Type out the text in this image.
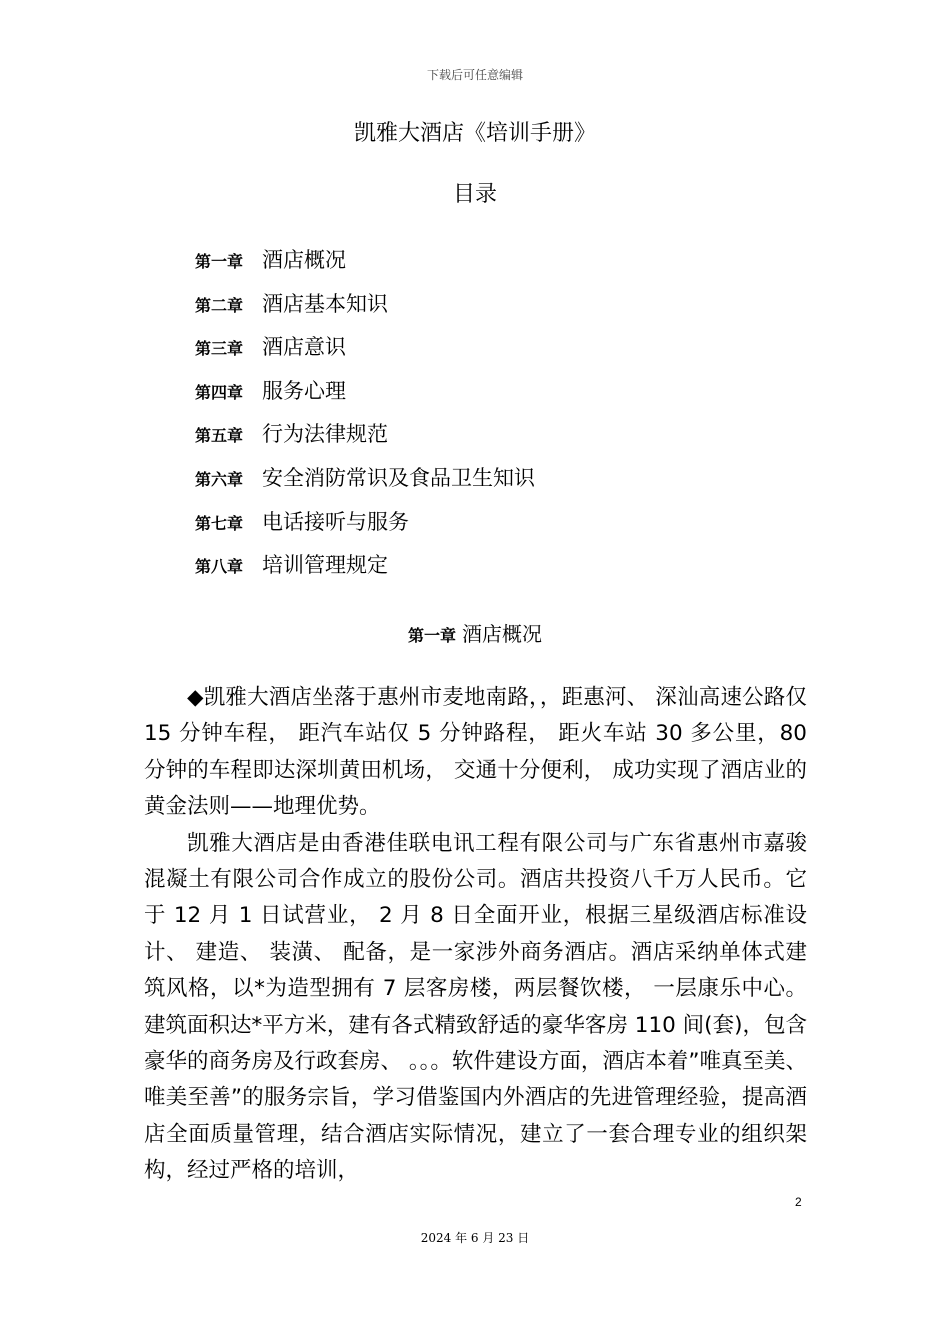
下载后可任意编辑
凯雅大酒店《培训手册》
目录
第一章 酒店概况
第二章 酒店基本知识
第三章 酒店意识
第四章 服务心理
第五章 行为法律规范
第六章 安全消防常识及食品卫生知识
第七章 电话接听与服务
第八章 培训管理规定
第一章 酒店概况

◆凯雅大酒店坐落于惠州市麦地南路，，距惠河、 深汕高速公路仅 15 分钟车程， 距汽车站仅 5 分钟路程， 距火车站 30 多公里，80 分钟的车程即达深圳黄田机场， 交通十分便利， 成功实现了酒店业的黄金法则——地理优势。

凯雅大酒店是由香港佳联电讯工程有限公司与广东省惠州市嘉骏混凝土有限公司合作成立的股份公司。酒店共投资八千万人民币。它于 12 月 1 日试营业， 2 月 8 日全面开业，根据三星级酒店标准设计、 建造、 装潢、 配备，是一家涉外商务酒店。酒店采纳单体式建筑风格，以*为造型拥有 7 层客房楼，两层餐饮楼， 一层康乐中心。建筑面积达*平方米，建有各式精致舒适的豪华客房 110 间(套)，包含豪华的商务房及行政套房、 。。。软件建设方面，酒店本着”唯真至美、 唯美至善”的服务宗旨，学习借鉴国内外酒店的先进管理经验，提高酒店全面质量管理，结合酒店实际情况，建立了一套合理专业的组织架构，经过严格的培训，

2
2024 年 6 月 23 日
